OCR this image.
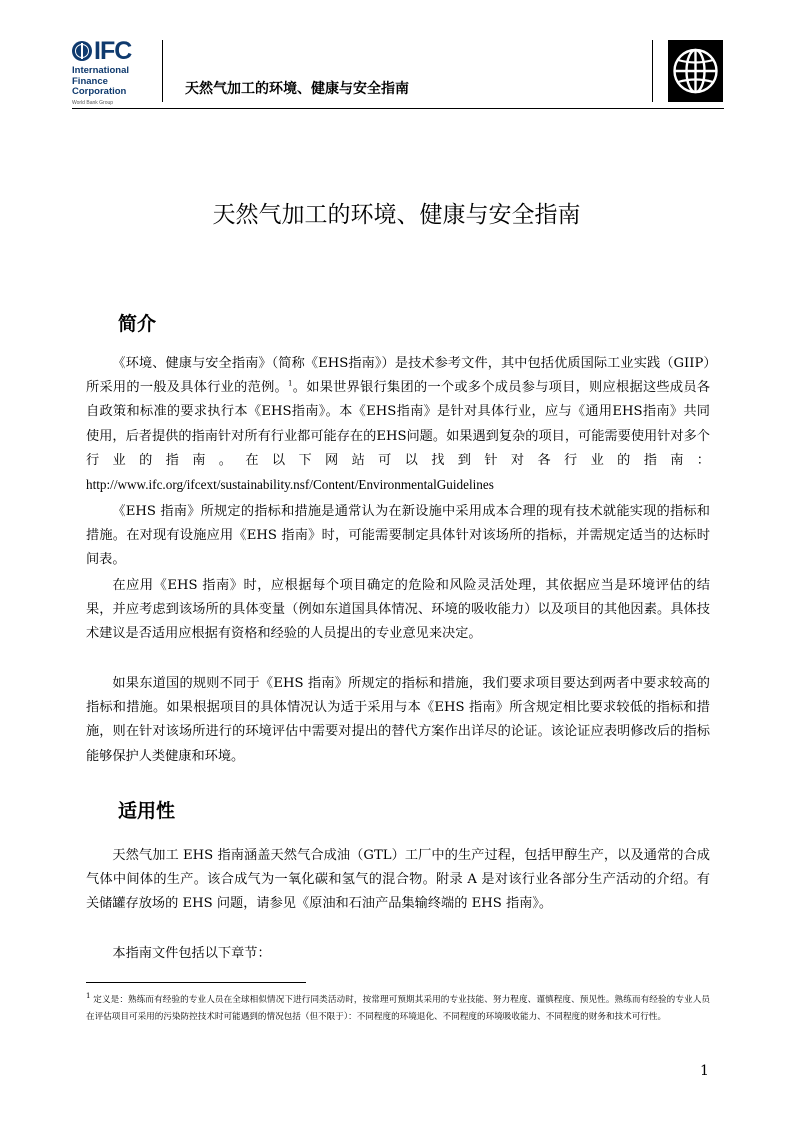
IFC
International
Finance
Corporation
World Bank Group
天然气加工的环境、健康与安全指南
天然气加工的环境、健康与安全指南
简介

《环境、健康与安全指南》（简称《EHS指南》）是技术参考文件，其中包括优质国际工业实践（GIIP）所采用的一般及具体行业的范例。$^1$。如果世界银行集团的一个或多个成员参与项目，则应根据这些成员各自政策和标准的要求执行本《EHS指南》。本《EHS指南》是针对具体行业，应与《通用EHS指南》共同使用，后者提供的指南针对所有行业都可能存在的EHS问题。如果遇到复杂的项目，可能需要使用针对多个行业的指南。在以下网站可以找到针对各行业的指南：http://www.ifc.org/ifcext/sustainability.nsf/Content/EnvironmentalGuidelines

《EHS 指南》所规定的指标和措施是通常认为在新设施中采用成本合理的现有技术就能实现的指标和措施。在对现有设施应用《EHS 指南》时，可能需要制定具体针对该场所的指标，并需规定适当的达标时间表。

在应用《EHS 指南》时，应根据每个项目确定的危险和风险灵活处理，其依据应当是环境评估的结果，并应考虑到该场所的具体变量（例如东道国具体情况、环境的吸收能力）以及项目的其他因素。具体技术建议是否适用应根据有资格和经验的人员提出的专业意见来决定。

如果东道国的规则不同于《EHS 指南》所规定的指标和措施，我们要求项目要达到两者中要求较高的指标和措施。如果根据项目的具体情况认为适于采用与本《EHS 指南》所含规定相比要求较低的指标和措施，则在针对该场所进行的环境评估中需要对提出的替代方案作出详尽的论证。该论证应表明修改后的指标能够保护人类健康和环境。

适用性

天然气加工 EHS 指南涵盖天然气合成油（GTL）工厂中的生产过程，包括甲醇生产，以及通常的合成气体中间体的生产。该合成气为一氧化碳和氢气的混合物。附录 A 是对该行业各部分生产活动的介绍。有关储罐存放场的 EHS 问题，请参见《原油和石油产品集输终端的 EHS 指南》。

本指南文件包括以下章节：

$^1$ 定义是：熟练而有经验的专业人员在全球相似情况下进行同类活动时，按常理可预期其采用的专业技能、努力程度、谨慎程度、预见性。熟练而有经验的专业人员在评估项目可采用的污染防控技术时可能遇到的情况包括（但不限于）：不同程度的环境退化、不同程度的环境吸收能力、不同程度的财务和技术可行性。

1
